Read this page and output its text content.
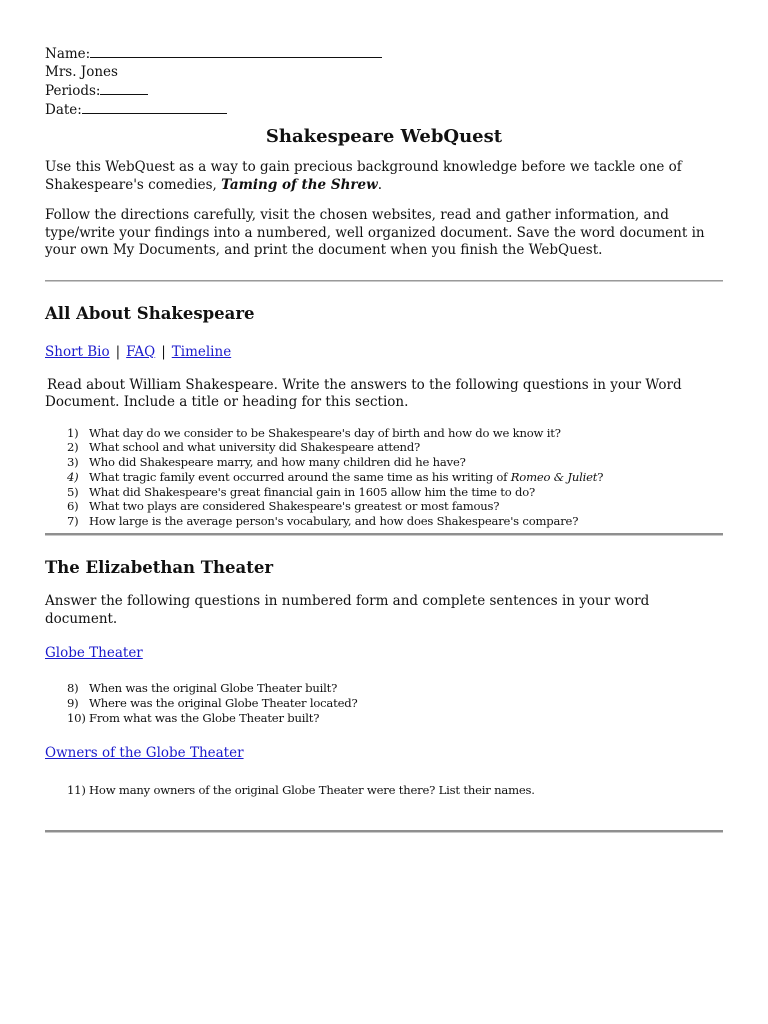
Name:
Mrs. Jones
Periods:
Date:
Shakespeare WebQuest

Use this WebQuest as a way to gain precious background knowledge before we tackle one of Shakespeare's comedies, Taming of the Shrew.

Follow the directions carefully, visit the chosen websites, read and gather information, and type/write your findings into a numbered, well organized document. Save the word document in your own My Documents, and print the document when you finish the WebQuest.

All About Shakespeare
Short Bio | FAQ | Timeline

Read about William Shakespeare. Write the answers to the following questions in your Word Document. Include a title or heading for this section.

1) What day do we consider to be Shakespeare's day of birth and how do we know it?
2) What school and what university did Shakespeare attend?
3) Who did Shakespeare marry, and how many children did he have?
4) What tragic family event occurred around the same time as his writing of Romeo & Juliet?
5) What did Shakespeare's great financial gain in 1605 allow him the time to do?
6) What two plays are considered Shakespeare's greatest or most famous?
7) How large is the average person's vocabulary, and how does Shakespeare's compare?
The Elizabethan Theater

Answer the following questions in numbered form and complete sentences in your word document.

Globe Theater
8) When was the original Globe Theater built?
9) Where was the original Globe Theater located?
10) From what was the Globe Theater built?
Owners of the Globe Theater
11) How many owners of the original Globe Theater were there? List their names.
